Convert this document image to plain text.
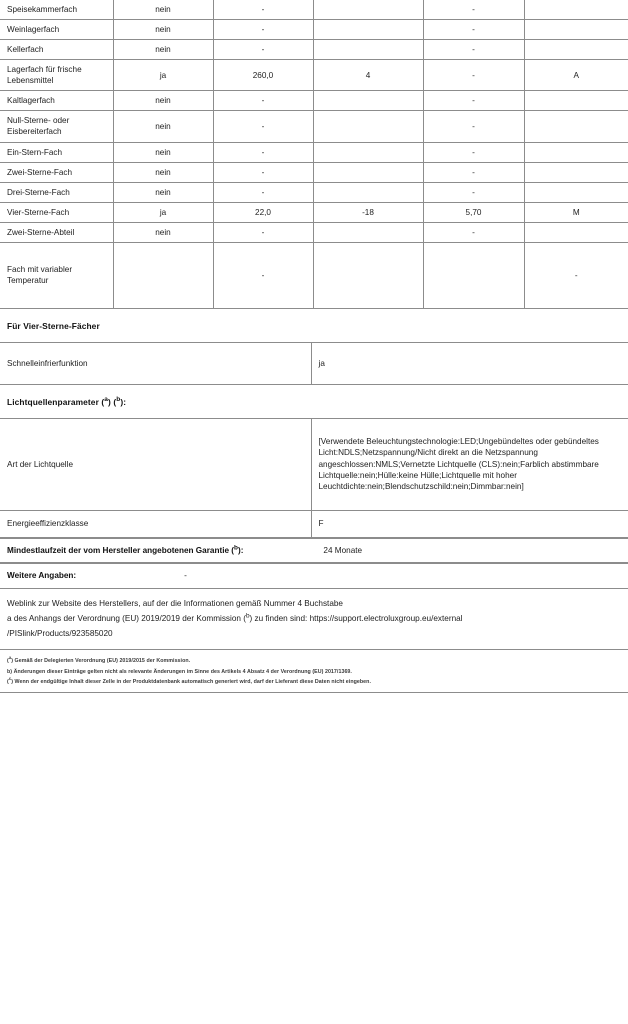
Speisekammerfach	nein	-		-	
Weinlagerfach	nein	-		-	
Kellerfach	nein	-		-	
Lagerfach für frische Lebensmittel	ja	260,0	4	-	A
Kaltlagerfach	nein	-		-	
Null-Sterne- oder Eisbereiterfach	nein	-		-	
Ein-Stern-Fach	nein	-		-	
Zwei-Sterne-Fach	nein	-		-	
Drei-Sterne-Fach	nein	-		-	
Vier-Sterne-Fach	ja	22,0	-18	5,70	M
Zwei-Sterne-Abteil	nein	-		-	
Fach mit variabler Temperatur		-			-
Für Vier-Sterne-Fächer
Schnelleinfrierfunktion	ja
Lichtquellenparameter ($^a$) ($^b$):
Art der Lichtquelle	[Verwendete Beleuchtungstechnologie:LED;Ungebündeltes oder gebündeltes Licht:NDLS;Netzspannung/Nicht direkt an die Netzspannung angeschlossen:NMLS;Vernetzte Lichtquelle (CLS):nein;Farblich abstimmbare Lichtquelle:nein;Hülle:keine Hülle;Lichtquelle mit hoher Leuchtdichte:nein;Blendschutzschild:nein;Dimmbar:nein]
Energieeffizienzklasse	F
Mindestlaufzeit der vom Hersteller angebotenen Garantie ($^b$):	24 Monate
Weitere Angaben:	-
Weblink zur Website des Herstellers, auf der die Informationen gemäß Nummer 4 Buchstabe
a des Anhangs der Verordnung (EU) 2019/2019 der Kommission ($^b$) zu finden sind: https://support.electroluxgroup.eu/external
/PISlink/Products/923585020
($^a$) Gemäß der Delegierten Verordnung (EU) 2019/2015 der Kommission.
b) Änderungen dieser Einträge gelten nicht als relevante Änderungen im Sinne des Artikels 4 Absatz 4 der Verordnung (EU) 2017/1369.
($^c$) Wenn der endgültige Inhalt dieser Zelle in der Produktdatenbank automatisch generiert wird, darf der Lieferant diese Daten nicht eingeben.
